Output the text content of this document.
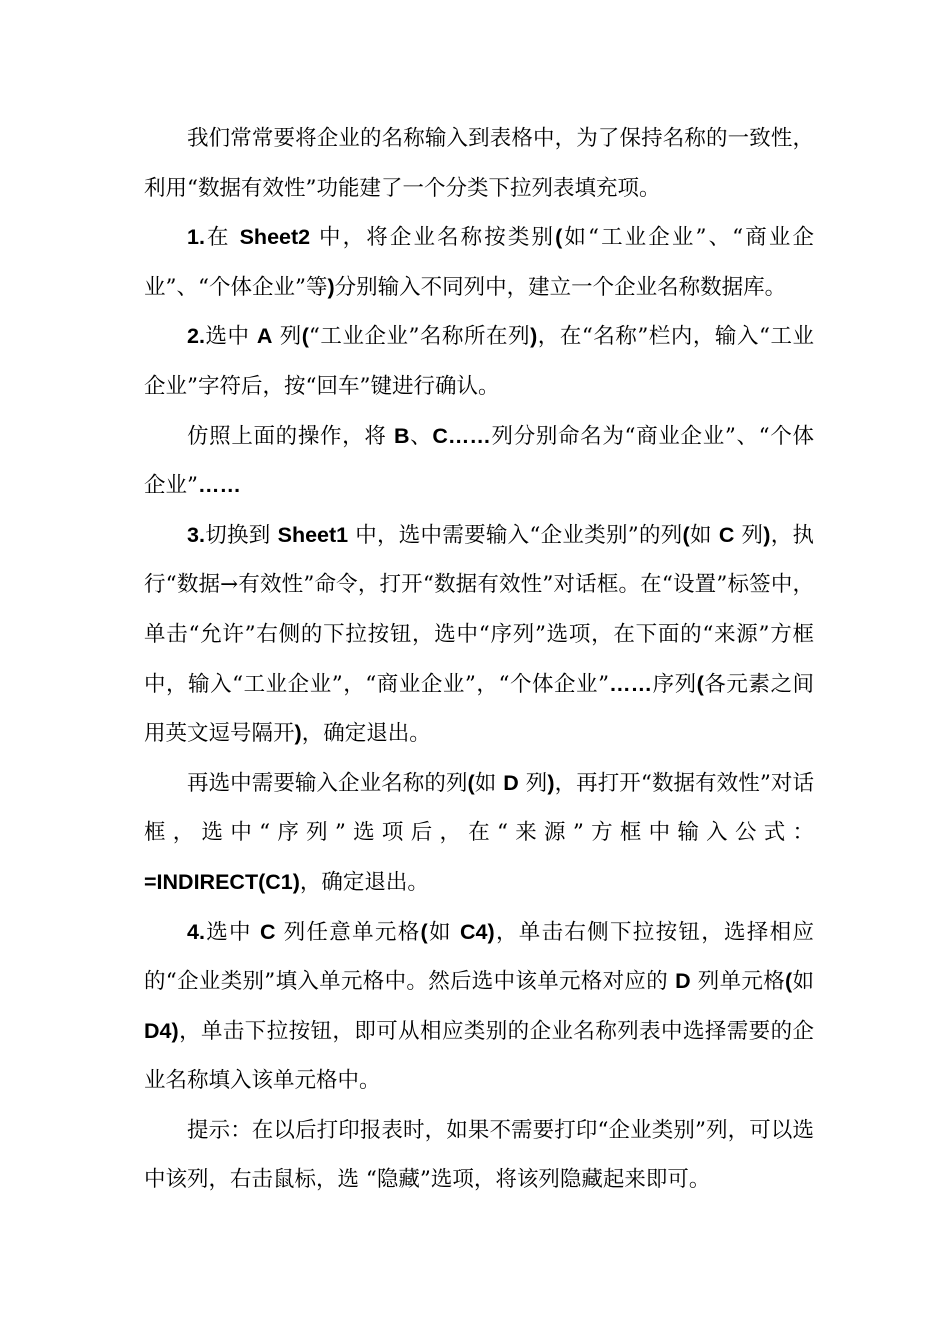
我们常常要将企业的名称输入到表格中，为了保持名称的一致性，利用“数据有效性”功能建了一个分类下拉列表填充项。

1.在 Sheet2 中，将企业名称按类别(如“工业企业”、“商业企业”、“个体企业”等)分别输入不同列中，建立一个企业名称数据库。

2.选中 A 列(“工业企业”名称所在列)，在“名称”栏内，输入“工业企业”字符后，按“回车”键进行确认。

仿照上面的操作，将 B、C……列分别命名为“商业企业”、“个体企业”……

3.切换到 Sheet1 中，选中需要输入“企业类别”的列(如 C 列)，执行“数据→有效性”命令，打开“数据有效性”对话框。在“设置”标签中，单击“允许”右侧的下拉按钮，选中“序列”选项，在下面的“来源”方框中，输入“工业企业”，“商业企业”，“个体企业”……序列(各元素之间用英文逗号隔开)，确定退出。

再选中需要输入企业名称的列(如 D 列)，再打开“数据有效性”对话框，选中“序列”选项后，在“来源”方框中输入公式：=INDIRECT(C1)，确定退出。

4.选中 C 列任意单元格(如 C4)，单击右侧下拉按钮，选择相应的“企业类别”填入单元格中。然后选中该单元格对应的 D 列单元格(如 D4)，单击下拉按钮，即可从相应类别的企业名称列表中选择需要的企业名称填入该单元格中。

提示：在以后打印报表时，如果不需要打印“企业类别”列，可以选中该列，右击鼠标，选 “隐藏”选项，将该列隐藏起来即可。
